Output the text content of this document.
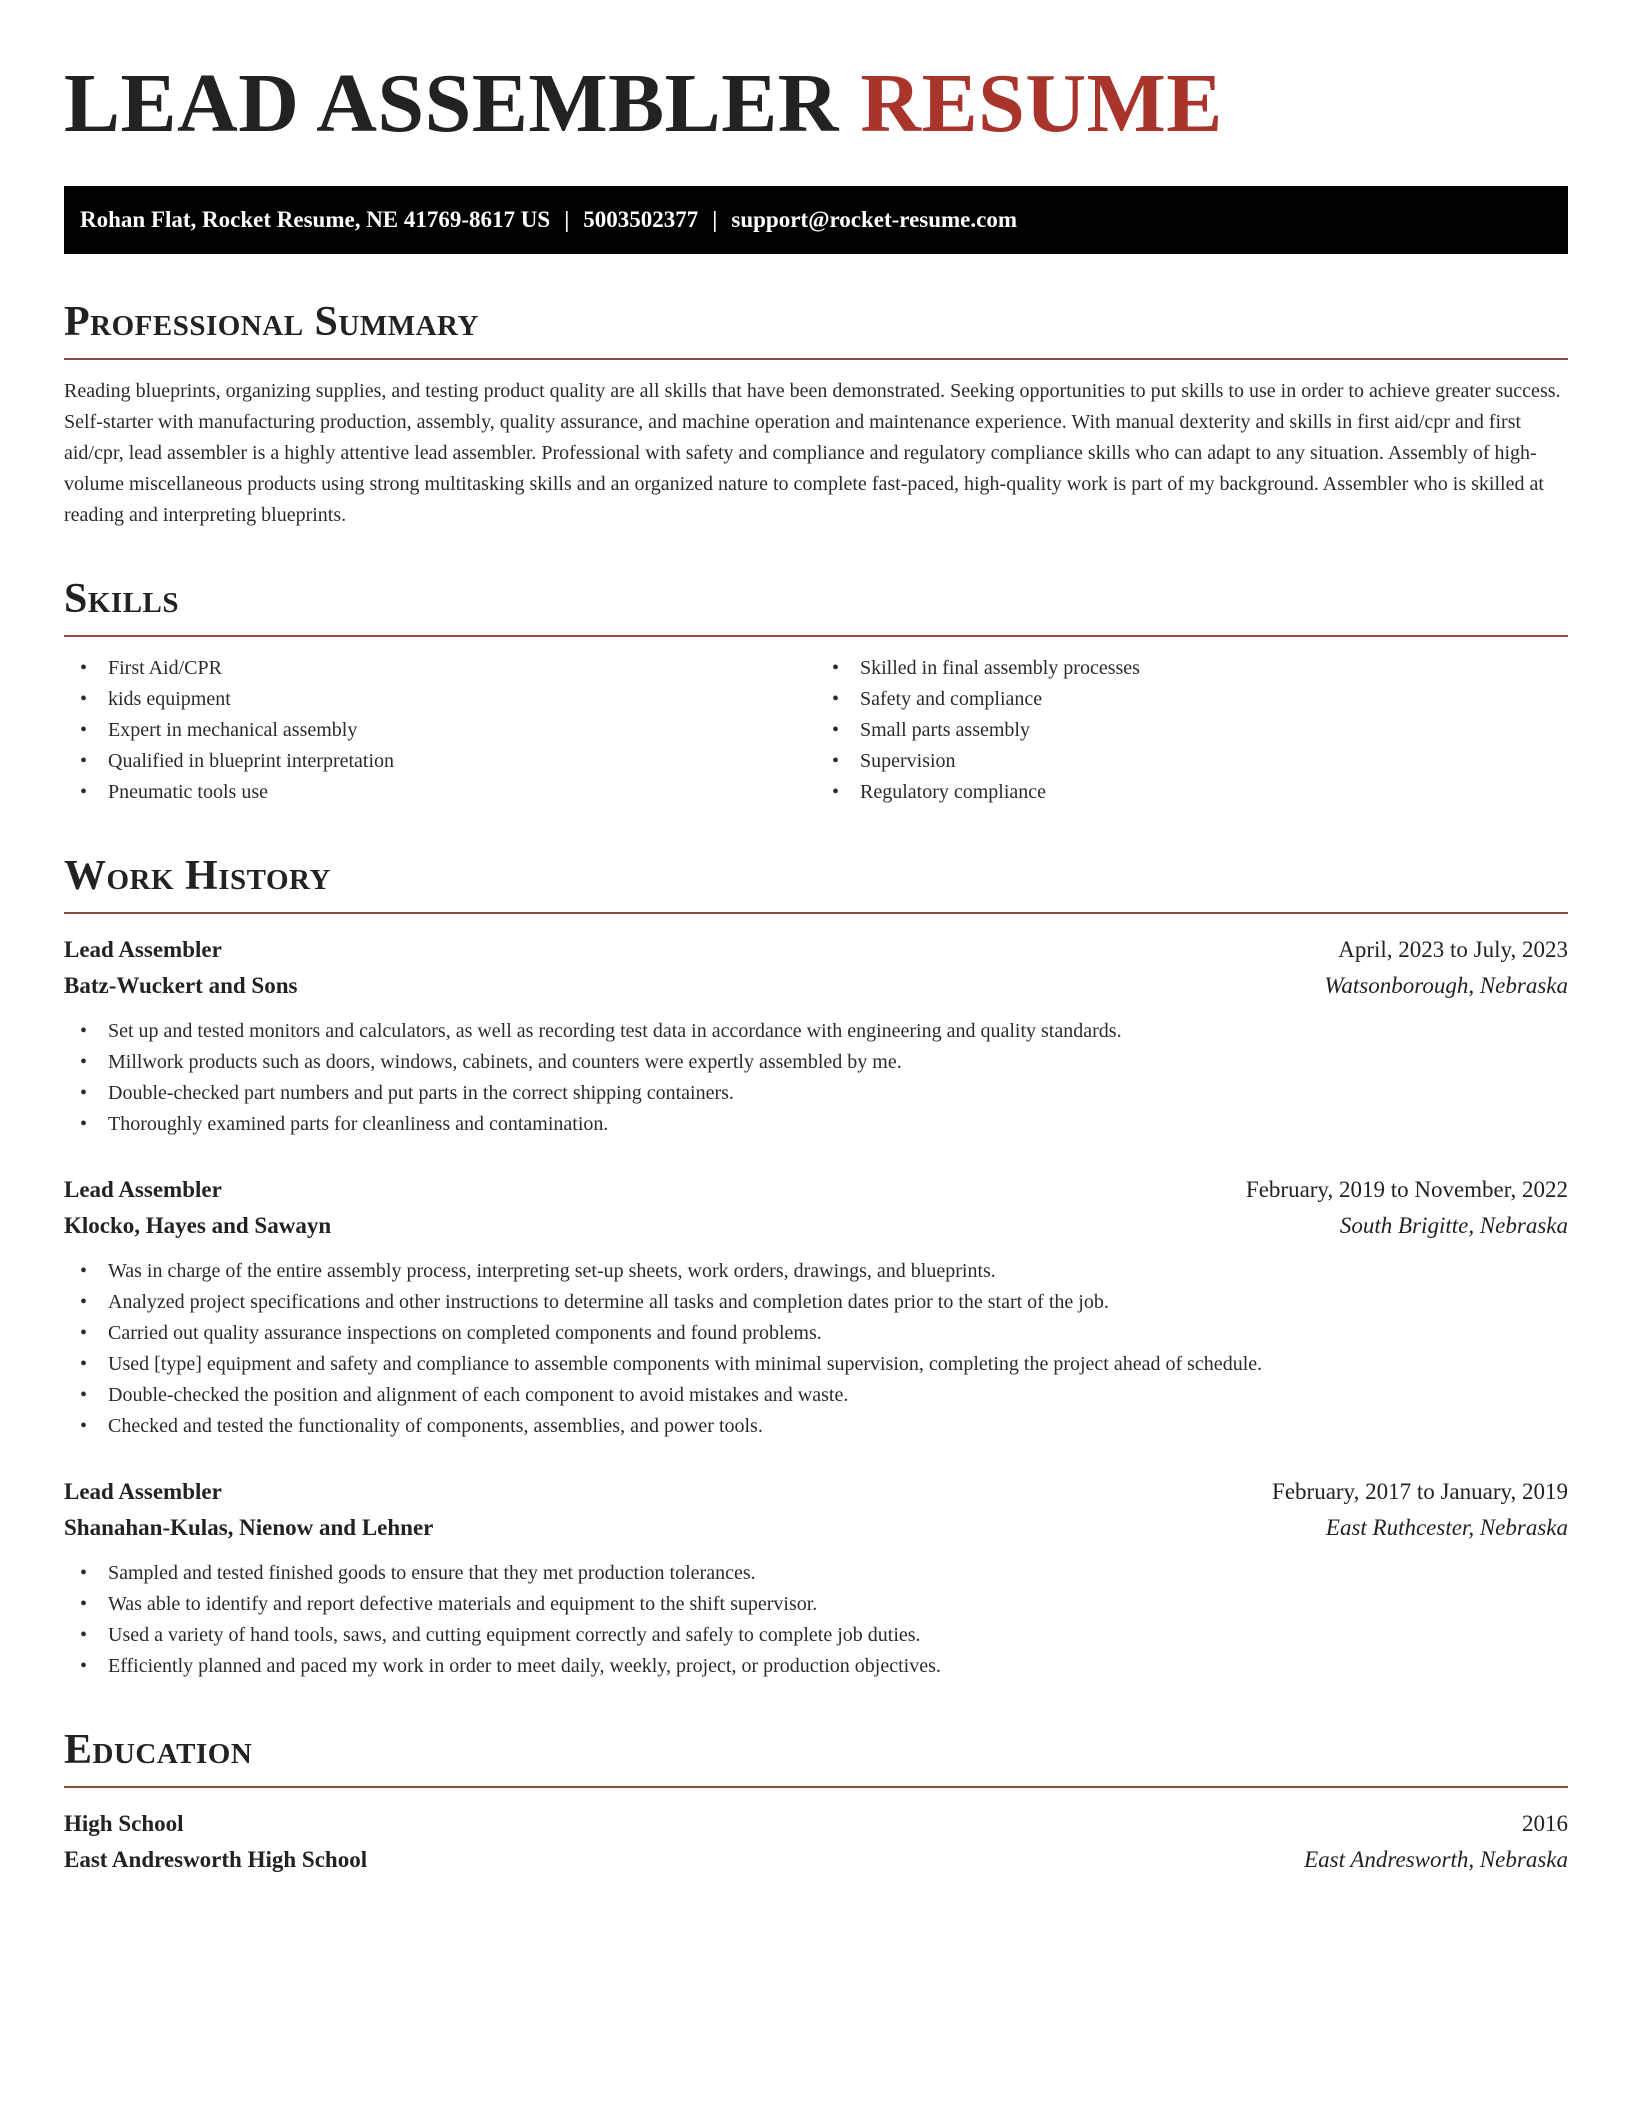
LEAD ASSEMBLER RESUME
Rohan Flat, Rocket Resume, NE 41769-8617 US | 5003502377 | support@rocket-resume.com
Professional Summary

Reading blueprints, organizing supplies, and testing product quality are all skills that have been demonstrated. Seeking opportunities to put skills to use in order to achieve greater success. Self-starter with manufacturing production, assembly, quality assurance, and machine operation and maintenance experience. With manual dexterity and skills in first aid/cpr and first aid/cpr, lead assembler is a highly attentive lead assembler. Professional with safety and compliance and regulatory compliance skills who can adapt to any situation. Assembly of high-volume miscellaneous products using strong multitasking skills and an organized nature to complete fast-paced, high-quality work is part of my background. Assembler who is skilled at reading and interpreting blueprints.

Skills
• First Aid/CPR
• kids equipment
• Expert in mechanical assembly
• Qualified in blueprint interpretation
• Pneumatic tools use
• Skilled in final assembly processes
• Safety and compliance
• Small parts assembly
• Supervision
• Regulatory compliance
Work History
Lead Assembler	April, 2023 to July, 2023
Batz-Wuckert and Sons	Watsonborough, Nebraska
• Set up and tested monitors and calculators, as well as recording test data in accordance with engineering and quality standards.
• Millwork products such as doors, windows, cabinets, and counters were expertly assembled by me.
• Double-checked part numbers and put parts in the correct shipping containers.
• Thoroughly examined parts for cleanliness and contamination.
Lead Assembler	February, 2019 to November, 2022
Klocko, Hayes and Sawayn	South Brigitte, Nebraska
• Was in charge of the entire assembly process, interpreting set-up sheets, work orders, drawings, and blueprints.
• Analyzed project specifications and other instructions to determine all tasks and completion dates prior to the start of the job.
• Carried out quality assurance inspections on completed components and found problems.
• Used [type] equipment and safety and compliance to assemble components with minimal supervision, completing the project ahead of schedule.
• Double-checked the position and alignment of each component to avoid mistakes and waste.
• Checked and tested the functionality of components, assemblies, and power tools.
Lead Assembler	February, 2017 to January, 2019
Shanahan-Kulas, Nienow and Lehner	East Ruthcester, Nebraska
• Sampled and tested finished goods to ensure that they met production tolerances.
• Was able to identify and report defective materials and equipment to the shift supervisor.
• Used a variety of hand tools, saws, and cutting equipment correctly and safely to complete job duties.
• Efficiently planned and paced my work in order to meet daily, weekly, project, or production objectives.
Education
High School	2016
East Andresworth High School	East Andresworth, Nebraska
